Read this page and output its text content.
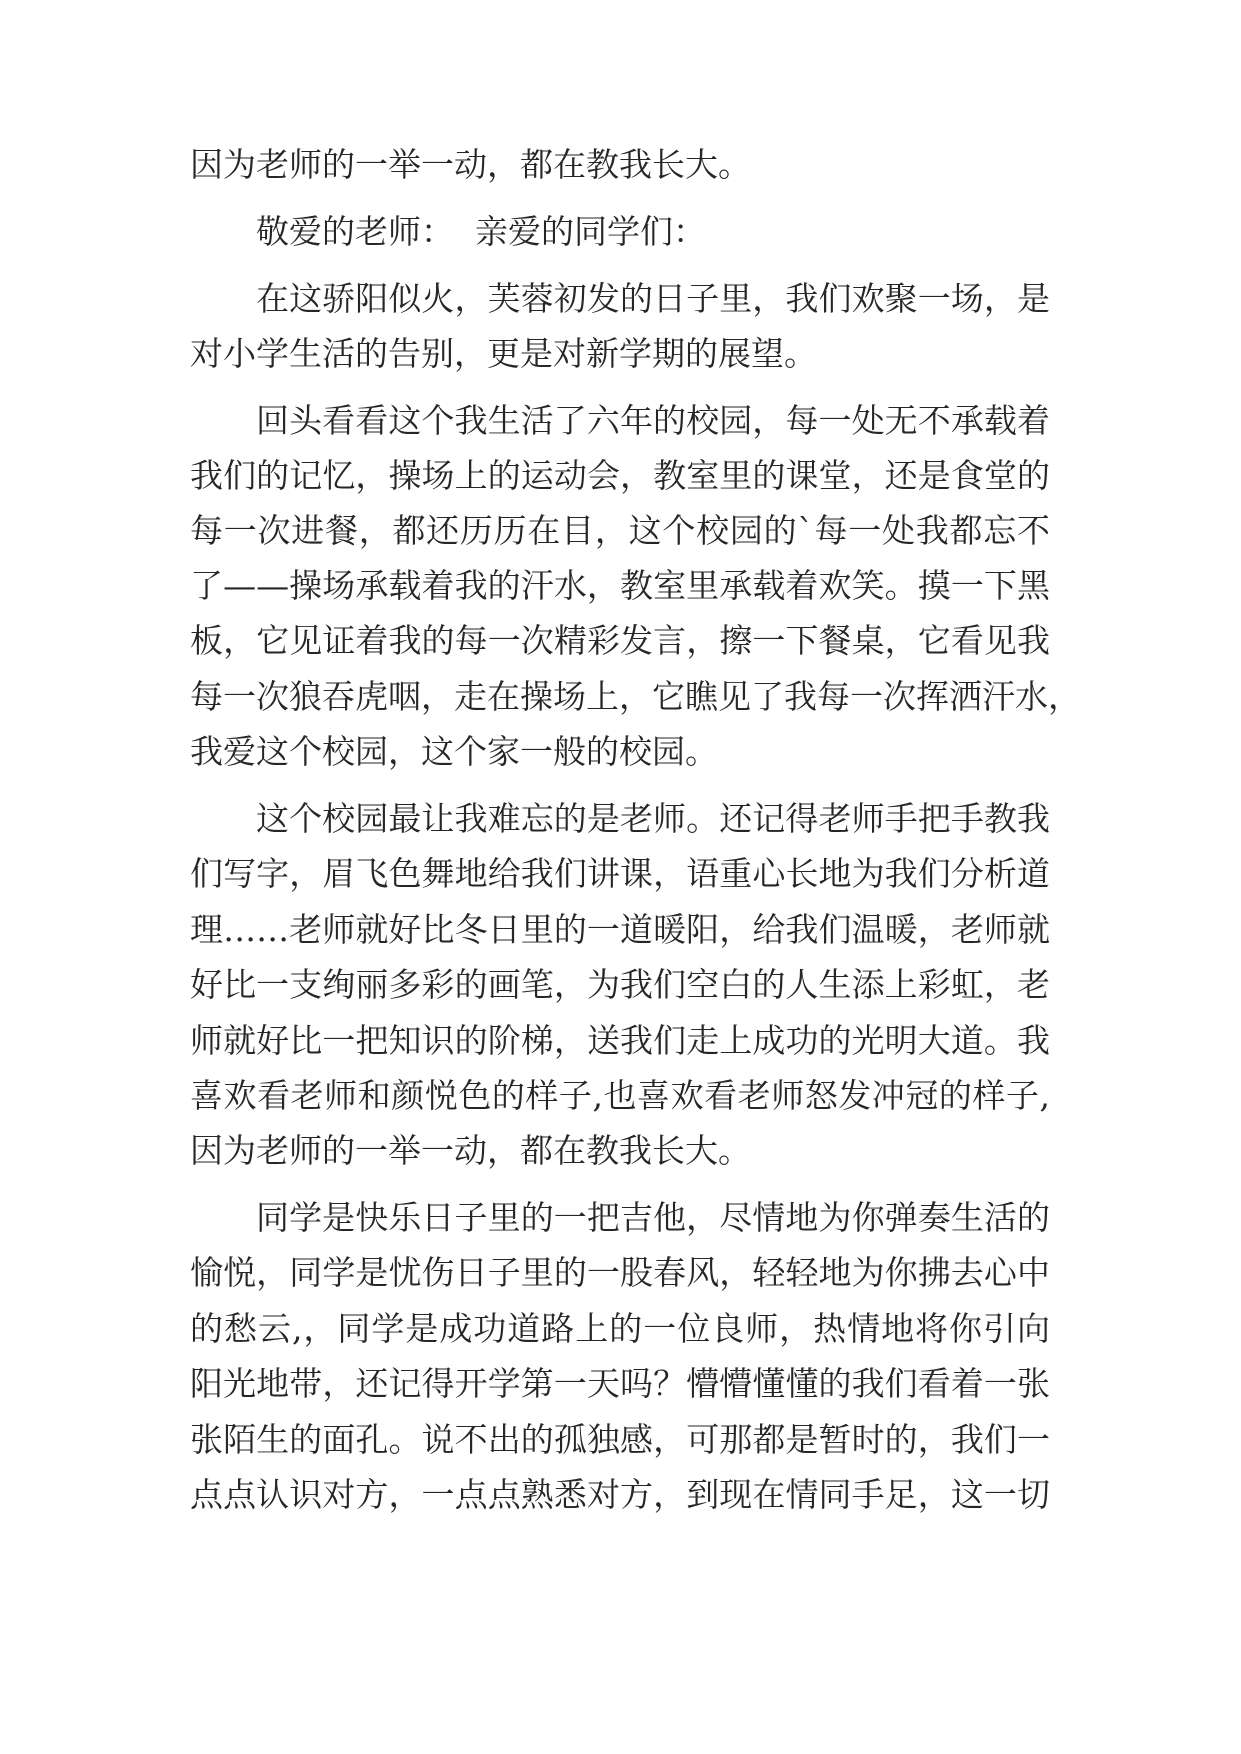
因为老师的一举一动，都在教我长大。
敬爱的老师：  亲爱的同学们：
在这骄阳似火，芙蓉初发的日子里，我们欢聚一场，是
对小学生活的告别，更是对新学期的展望。
回头看看这个我生活了六年的校园，每一处无不承载着
我们的记忆，操场上的运动会，教室里的课堂，还是食堂的
每一次进餐，都还历历在目，这个校园的`每一处我都忘不
了——操场承载着我的汗水，教室里承载着欢笑。摸一下黑
板，它见证着我的每一次精彩发言，擦一下餐桌，它看见我
每一次狼吞虎咽，走在操场上，它瞧见了我每一次挥洒汗水，
我爱这个校园，这个家一般的校园。
这个校园最让我难忘的是老师。还记得老师手把手教我
们写字，眉飞色舞地给我们讲课，语重心长地为我们分析道
理……老师就好比冬日里的一道暖阳，给我们温暖，老师就
好比一支绚丽多彩的画笔，为我们空白的人生添上彩虹，老
师就好比一把知识的阶梯，送我们走上成功的光明大道。我
喜欢看老师和颜悦色的样子,也喜欢看老师怒发冲冠的样子,
因为老师的一举一动，都在教我长大。
同学是快乐日子里的一把吉他，尽情地为你弹奏生活的
愉悦，同学是忧伤日子里的一股春风，轻轻地为你拂去心中
的愁云,，同学是成功道路上的一位良师，热情地将你引向
阳光地带，还记得开学第一天吗？懵懵懂懂的我们看着一张
张陌生的面孔。说不出的孤独感，可那都是暂时的，我们一
点点认识对方，一点点熟悉对方，到现在情同手足，这一切
